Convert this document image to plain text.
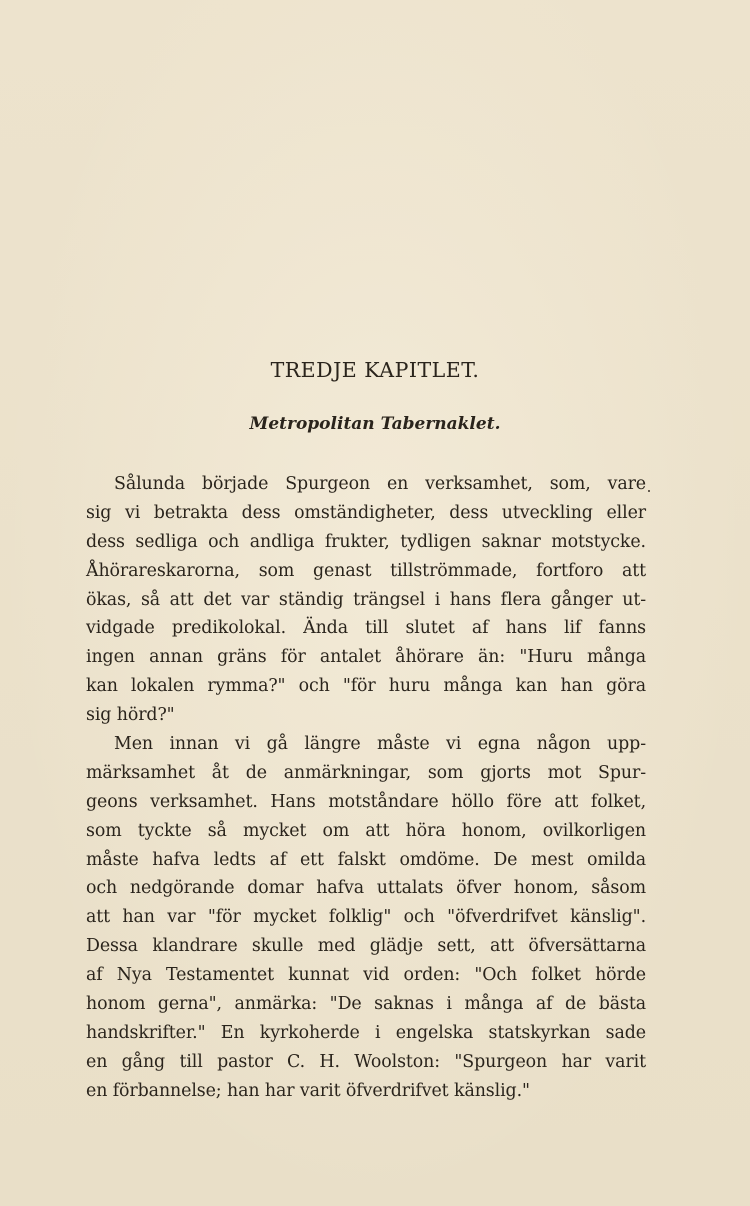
TREDJE KAPITLET.
Metropolitan Tabernaklet.
Sålunda började Spurgeon en verksamhet, som, vare
sig vi betrakta dess omständigheter, dess utveckling eller
dess sedliga och andliga frukter, tydligen saknar motstycke.
Åhörareskarorna, som genast tillströmmade, fortforo att
ökas, så att det var ständig trängsel i hans flera gånger ut-
vidgade predikolokal. Ända till slutet af hans lif fanns
ingen annan gräns för antalet åhörare än: "Huru många
kan lokalen rymma?" och "för huru många kan han göra
sig hörd?"
Men innan vi gå längre måste vi egna någon upp-
märksamhet åt de anmärkningar, som gjorts mot Spur-
geons verksamhet. Hans motståndare höllo före att folket,
som tyckte så mycket om att höra honom, ovilkorligen
måste hafva ledts af ett falskt omdöme. De mest omilda
och nedgörande domar hafva uttalats öfver honom, såsom
att han var "för mycket folklig" och "öfverdrifvet känslig".
Dessa klandrare skulle med glädje sett, att öfversättarna
af Nya Testamentet kunnat vid orden: "Och folket hörde
honom gerna", anmärka: "De saknas i många af de bästa
handskrifter." En kyrkoherde i engelska statskyrkan sade
en gång till pastor C. H. Woolston: "Spurgeon har varit
en förbannelse; han har varit öfverdrifvet känslig."
